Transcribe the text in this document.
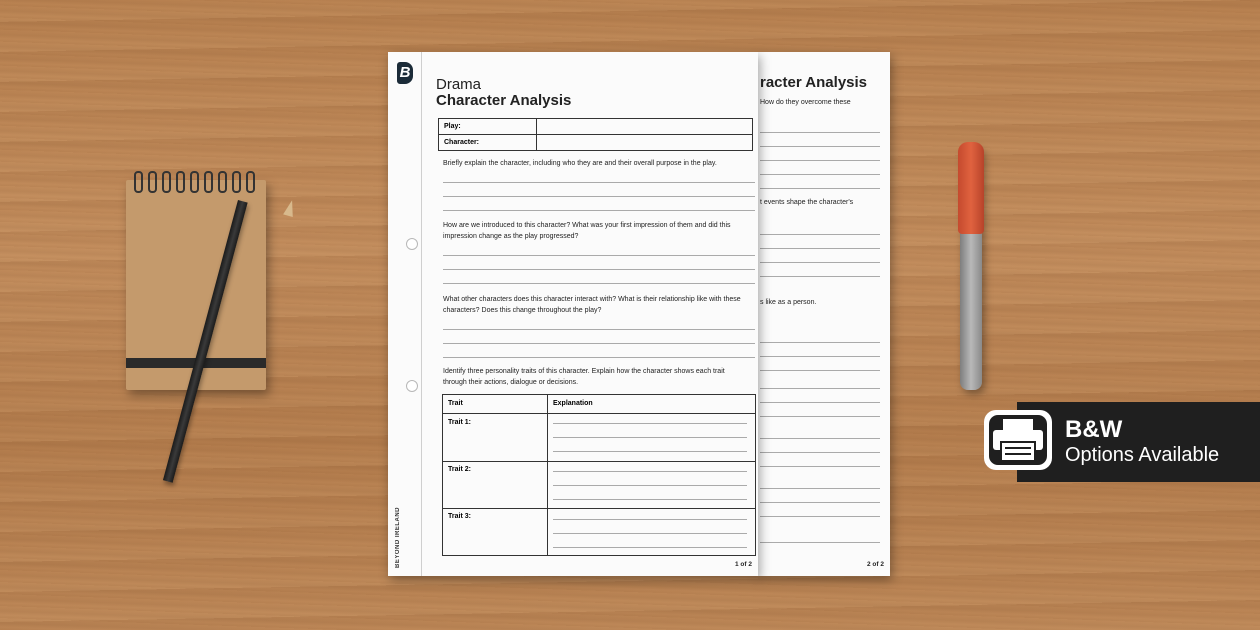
racter Analysis
How do they overcome these
t events shape the character's
s like as a person.
2 of 2
B
BEYOND IRELAND
Drama
Character Analysis
Play:	
Character:	
Briefly explain the character, including who they are and their overall purpose in the play.
How are we introduced to this character? What was your first impression of them and did this impression change as the play progressed?
What other characters does this character interact with? What is their relationship like with these characters? Does this change throughout the play?
Identify three personality traits of this character. Explain how the character shows each trait through their actions, dialogue or decisions.
Trait	Explanation
Trait 1:
Trait 2:
Trait 3:
1 of 2
B&W
Options Available
